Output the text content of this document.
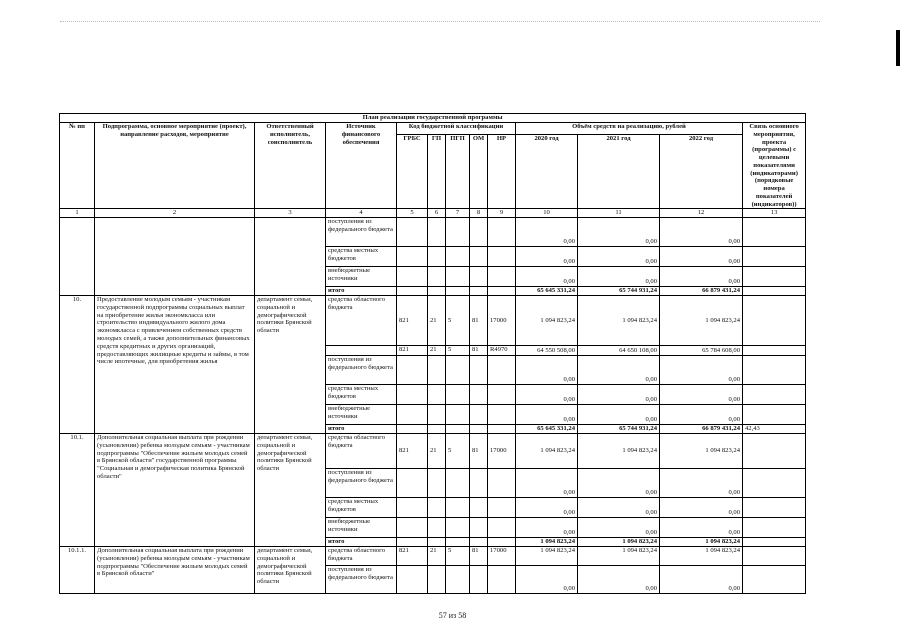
План реализации государственной программы												
№ пп	Подпрограмма, основное мероприятие (проект), направление расходов, мероприятие	Ответственный исполнитель, соисполнитель	Источник финансового обеспечения	Код бюджетной классификации					Объём средств на реализацию, рублей			Связь основного мероприятия, проекта (программы) с целевыми показателями (индикаторами) (порядковые номера показателей (индикаторов))
				ГРБС	ГП	ПГП	ОМ	НР	2020 год	2021 год	2022 год	
1	2	3	4	5	6	7	8	9	10	11	12	13
			поступления из федерального бюджета						0,00	0,00	0,00	
			средства местных бюджетов						0,00	0,00	0,00	
			внебюджетные источники						0,00	0,00	0,00	
			итого						65 645 331,24	65 744 931,24	66 879 431,24	
10.	Предоставление молодым семьям - участникам государственной подпрограммы социальных выплат на приобретение жилья экономкласса или строительство индивидуального жилого дома экономкласса с привлечением собственных средств молодых семей, а также дополнительных финансовых средств кредитных и других организаций, предоставляющих жилищные кредиты и займы, в том числе ипотечные, для приобретения жилья	департамент семьи, социальной и демографической политики Брянской области	средства областного бюджета	821	21	5	81	17000	1 094 823,24	1 094 823,24	1 094 823,24	
				821	21	5	81	R4970	64 550 508,00	64 650 108,00	65 784 608,00	
			поступления из федерального бюджета						0,00	0,00	0,00	
			средства местных бюджетов						0,00	0,00	0,00	
			внебюджетные источники						0,00	0,00	0,00	
			итого						65 645 331,24	65 744 931,24	66 879 431,24	42,43
10.1.	Дополнительная социальная выплата при рождении (усыновлении) ребенка молодым семьям - участникам подпрограммы "Обеспечение жильем молодых семей в Брянской области" государственной программы "Социальная и демографическая политика Брянской области"	департамент семьи, социальной и демографической политики Брянской области	средства областного бюджета	821	21	5	81	17000	1 094 823,24	1 094 823,24	1 094 823,24	
			поступления из федерального бюджета						0,00	0,00	0,00	
			средства местных бюджетов						0,00	0,00	0,00	
			внебюджетные источники						0,00	0,00	0,00	
			итого						1 094 823,24	1 094 823,24	1 094 823,24	
10.1.1.	Дополнительная социальная выплата при рождении (усыновлении) ребенка молодым семьям - участникам подпрограммы "Обеспечение жильем молодых семей в Брянской области"	департамент семьи, социальной и демографической политики Брянской области	средства областного бюджета	821	21	5	81	17000	1 094 823,24	1 094 823,24	1 094 823,24	
			поступления из федерального бюджета						0,00	0,00	0,00	
57 из 58
